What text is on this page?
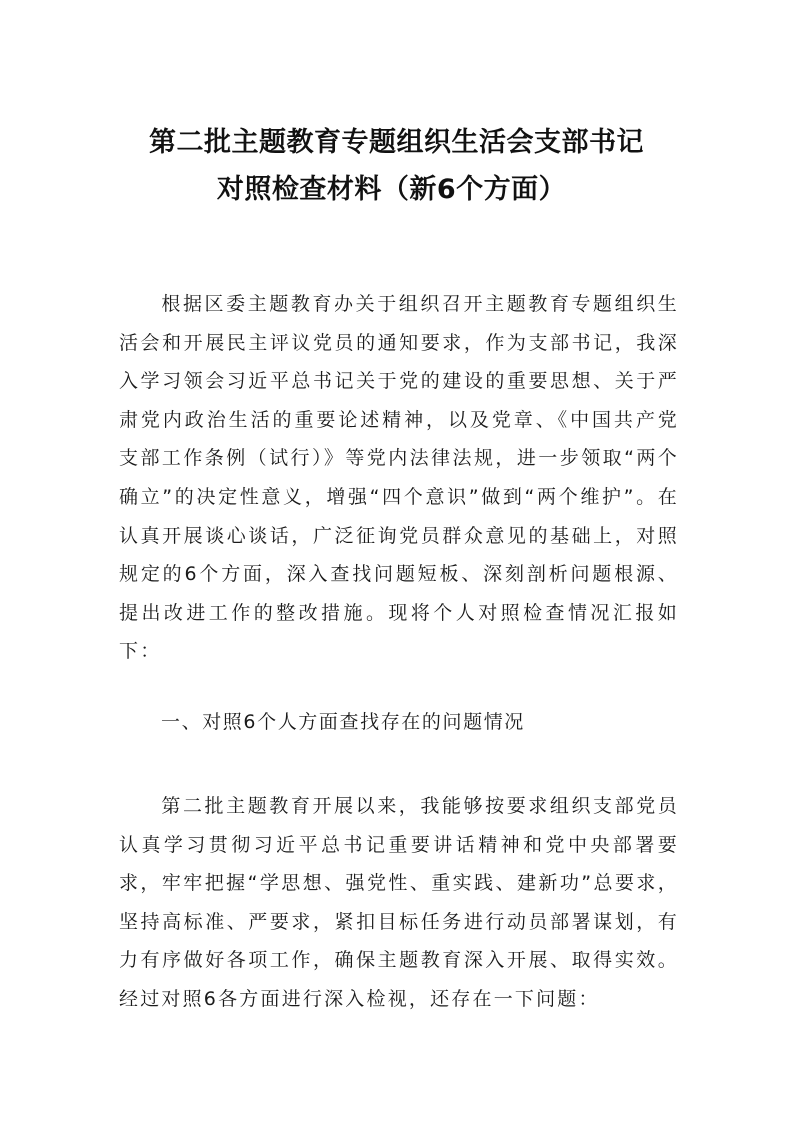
第二批主题教育专题组织生活会支部书记
对照检查材料（新6个方面）
根据区委主题教育办关于组织召开主题教育专题组织生活会和开展民主评议党员的通知要求，作为支部书记，我深入学习领会习近平总书记关于党的建设的重要思想、关于严肃党内政治生活的重要论述精神，以及党章、《中国共产党支部工作条例（试行）》等党内法律法规，进一步领取“两个确立”的决定性意义，增强“四个意识”做到“两个维护”。在认真开展谈心谈话，广泛征询党员群众意见的基础上，对照规定的6个方面，深入查找问题短板、深刻剖析问题根源、提出改进工作的整改措施。现将个人对照检查情况汇报如下：
一、对照6个人方面查找存在的问题情况
第二批主题教育开展以来，我能够按要求组织支部党员认真学习贯彻习近平总书记重要讲话精神和党中央部署要求，牢牢把握“学思想、强党性、重实践、建新功”总要求，坚持高标准、严要求，紧扣目标任务进行动员部署谋划，有力有序做好各项工作，确保主题教育深入开展、取得实效。经过对照6各方面进行深入检视，还存在一下问题：
